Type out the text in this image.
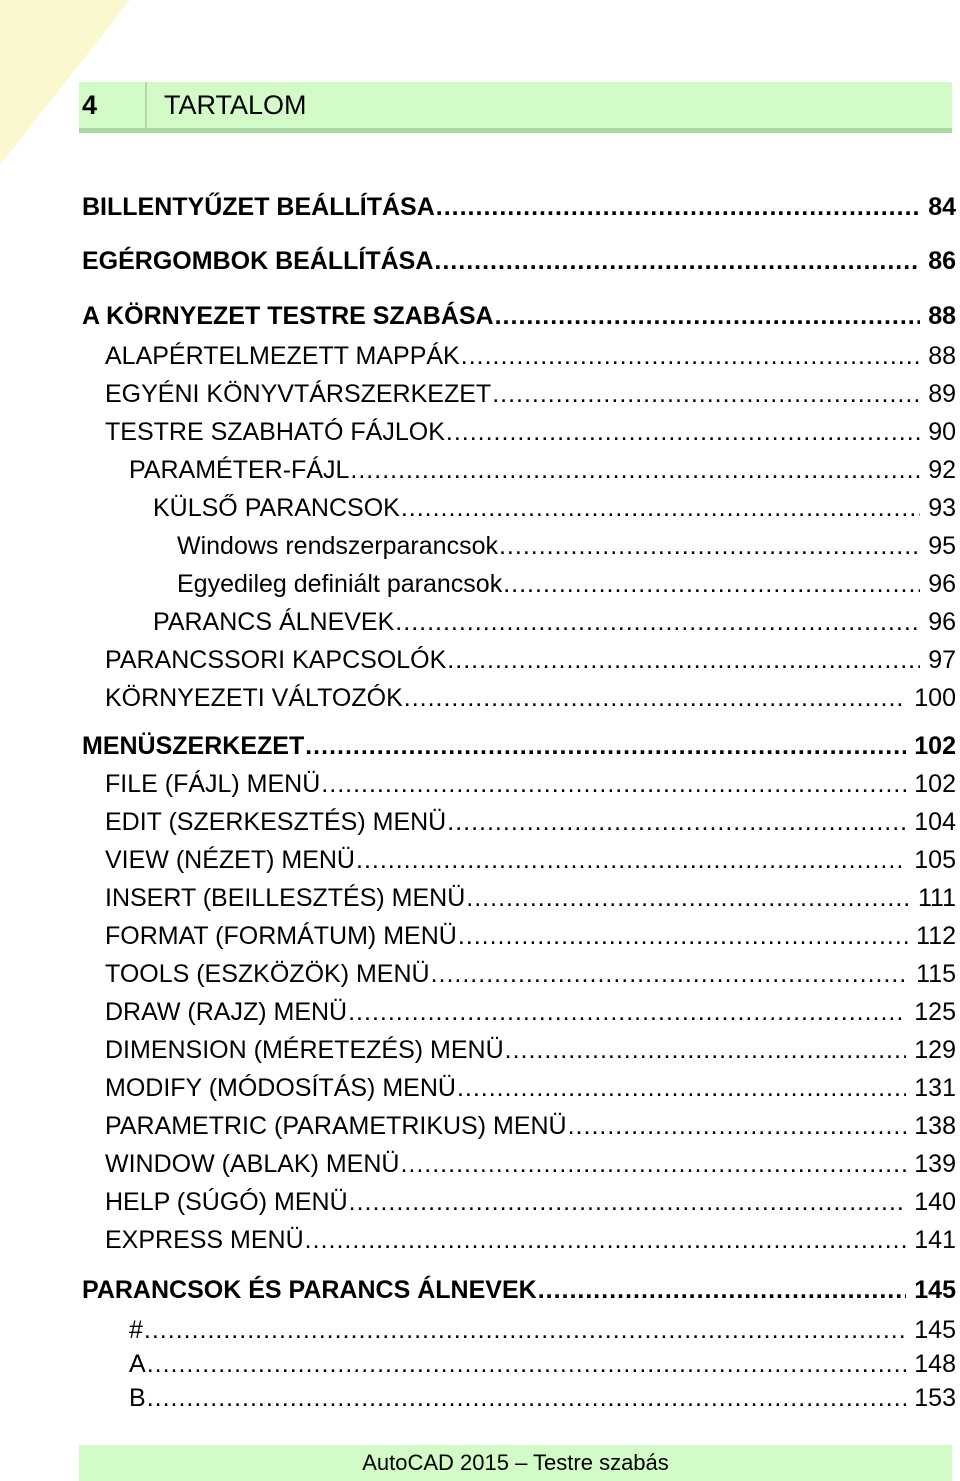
4	TARTALOM
BILLENTYŰZET BEÁLLÍTÁSA .....	84
EGÉRGOMBOK BEÁLLÍTÁSA .....	86
A KÖRNYEZET TESTRE SZABÁSA .....	88
ALAPÉRTELMEZETT MAPPÁK .....	88
EGYÉNI KÖNYVTÁRSZERKEZET .....	89
TESTRE SZABHATÓ FÁJLOK .....	90
PARAMÉTER-FÁJL .....	92
KÜLSŐ PARANCSOK .....	93
Windows rendszerparancsok .....	95
Egyedileg definiált parancsok .....	96
PARANCS ÁLNEVEK .....	96
PARANCSSORI KAPCSOLÓK .....	97
KÖRNYEZETI VÁLTOZÓK .....	100
MENÜSZERKEZET .....	102
FILE (FÁJL) MENÜ .....	102
EDIT (SZERKESZTÉS) MENÜ .....	104
VIEW (NÉZET) MENÜ .....	105
INSERT (BEILLESZTÉS) MENÜ .....	111
FORMAT (FORMÁTUM) MENÜ .....	112
TOOLS (ESZKÖZÖK) MENÜ .....	115
DRAW (RAJZ) MENÜ .....	125
DIMENSION (MÉRETEZÉS) MENÜ .....	129
MODIFY (MÓDOSÍTÁS) MENÜ .....	131
PARAMETRIC (PARAMETRIKUS) MENÜ .....	138
WINDOW (ABLAK) MENÜ .....	139
HELP (SÚGÓ) MENÜ .....	140
EXPRESS MENÜ .....	141
PARANCSOK ÉS PARANCS ÁLNEVEK .....	145
# .....	145
A .....	148
B .....	153
AutoCAD 2015 – Testre szabás
